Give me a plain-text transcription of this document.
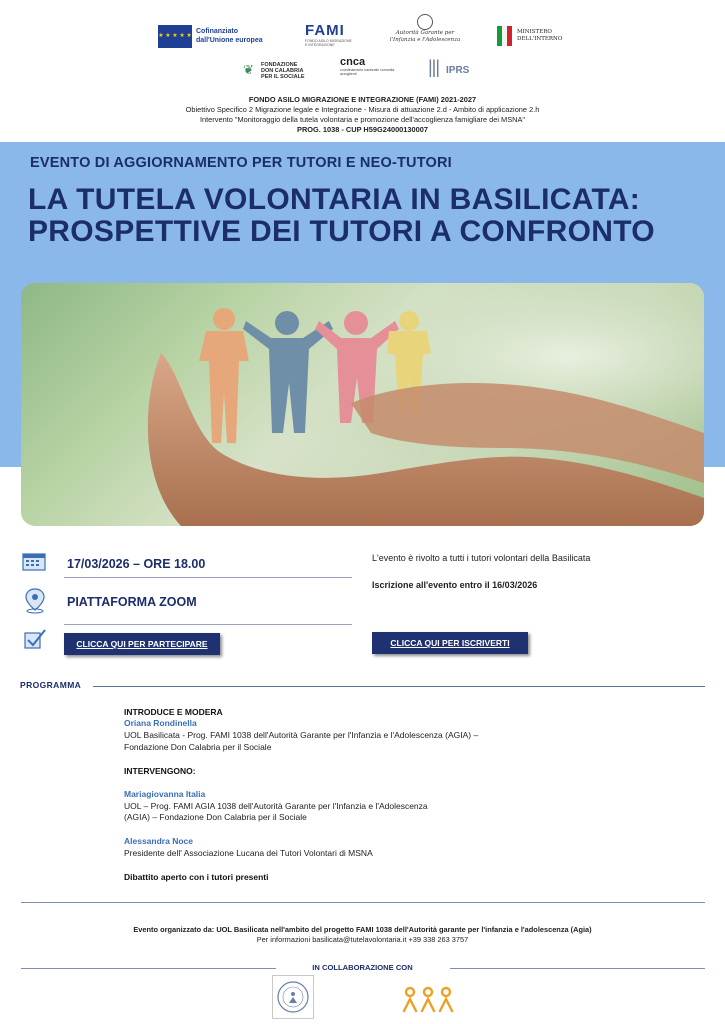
★ ★ ★ ★ ★
Cofinanziato
dall'Unione europea
FAMI
FONDO ASILO MIGRAZIONE E INTEGRAZIONE
Autorità Garante per l'Infanzia e l'Adolescenza
MINISTERO
DELL'INTERNO
❦	FONDAZIONE
DON CALABRIA
PER IL SOCIALE
cnca
coordinamento nazionale comunità accoglienti	||| IPRS
FONDO ASILO MIGRAZIONE E INTEGRAZIONE (FAMI) 2021-2027
Obiettivo Specifico 2 Migrazione legale e Integrazione - Misura di attuazione 2.d - Ambito di applicazione 2.h
Intervento "Monitoraggio della tutela volontaria e promozione dell'accoglienza famigliare dei MSNA"
PROG. 1038 - CUP H59G24000130007
EVENTO DI AGGIORNAMENTO PER TUTORI E NEO-TUTORI
LA TUTELA VOLONTARIA IN BASILICATA:
PROSPETTIVE DEI TUTORI A CONFRONTO
17/03/2026 – ORE 18.00
PIATTAFORMA ZOOM
CLICCA QUI PER PARTECIPARE
L'evento è rivolto a tutti i tutori volontari della Basilicata
Iscrizione all'evento entro il 16/03/2026
CLICCA QUI PER ISCRIVERTI
PROGRAMMA
INTRODUCE E MODERA
Oriana Rondinella
UOL Basilicata - Prog. FAMI 1038 dell'Autorità Garante per l'Infanzia e l'Adolescenza (AGIA) –
Fondazione Don Calabria per il Sociale
INTERVENGONO:
Mariagiovanna Italia
UOL – Prog. FAMI AGIA 1038 dell'Autorità Garante per l'Infanzia e l'Adolescenza
(AGIA) – Fondazione Don Calabria per il Sociale
Alessandra Noce
Presidente dell' Associazione Lucana dei Tutori Volontari di MSNA
Dibattito aperto con i tutori presenti
Evento organizzato da: UOL Basilicata nell'ambito del progetto FAMI 1038 dell'Autorità garante per l'infanzia e l'adolescenza (Agia)
Per informazioni basilicata@tutelavolontaria.it +39 338 263 3757
IN COLLABORAZIONE CON
